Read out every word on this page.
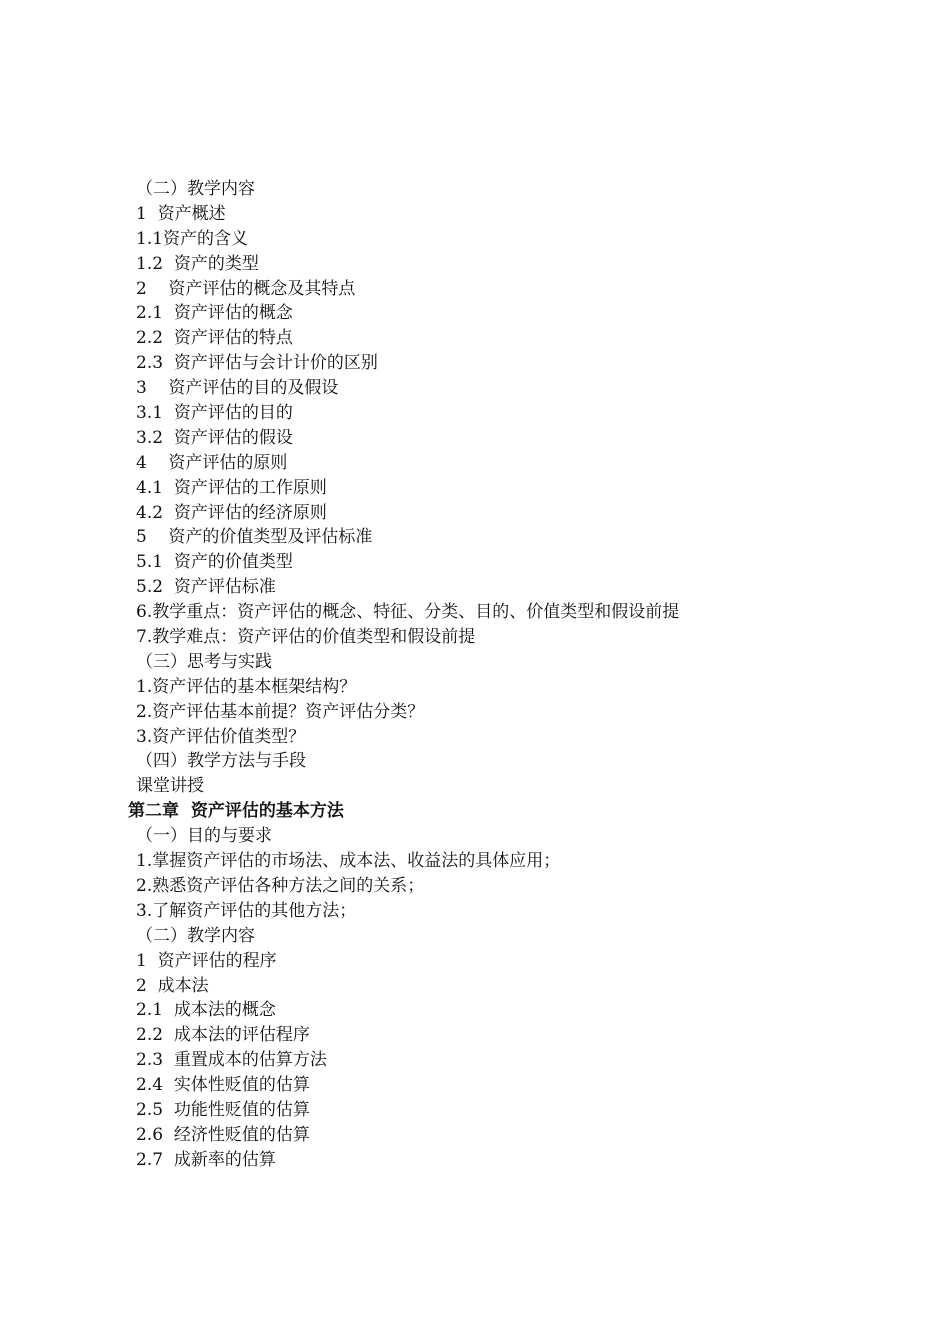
（二）教学内容
1  资产概述
1.1资产的含义
1.2  资产的类型
2    资产评估的概念及其特点
2.1  资产评估的概念
2.2  资产评估的特点
2.3  资产评估与会计计价的区别
3    资产评估的目的及假设
3.1  资产评估的目的
3.2  资产评估的假设
4    资产评估的原则
4.1  资产评估的工作原则
4.2  资产评估的经济原则
5    资产的价值类型及评估标准
5.1  资产的价值类型
5.2  资产评估标准
6.教学重点：资产评估的概念、特征、分类、目的、价值类型和假设前提
7.教学难点：资产评估的价值类型和假设前提
（三）思考与实践
1.资产评估的基本框架结构？
2.资产评估基本前提？资产评估分类？
3.资产评估价值类型？
（四）教学方法与手段
课堂讲授
第二章  资产评估的基本方法
（一）目的与要求
1.掌握资产评估的市场法、成本法、收益法的具体应用；
2.熟悉资产评估各种方法之间的关系；
3.了解资产评估的其他方法；
（二）教学内容
1  资产评估的程序
2  成本法
2.1  成本法的概念
2.2  成本法的评估程序
2.3  重置成本的估算方法
2.4  实体性贬值的估算
2.5  功能性贬值的估算
2.6  经济性贬值的估算
2.7  成新率的估算
